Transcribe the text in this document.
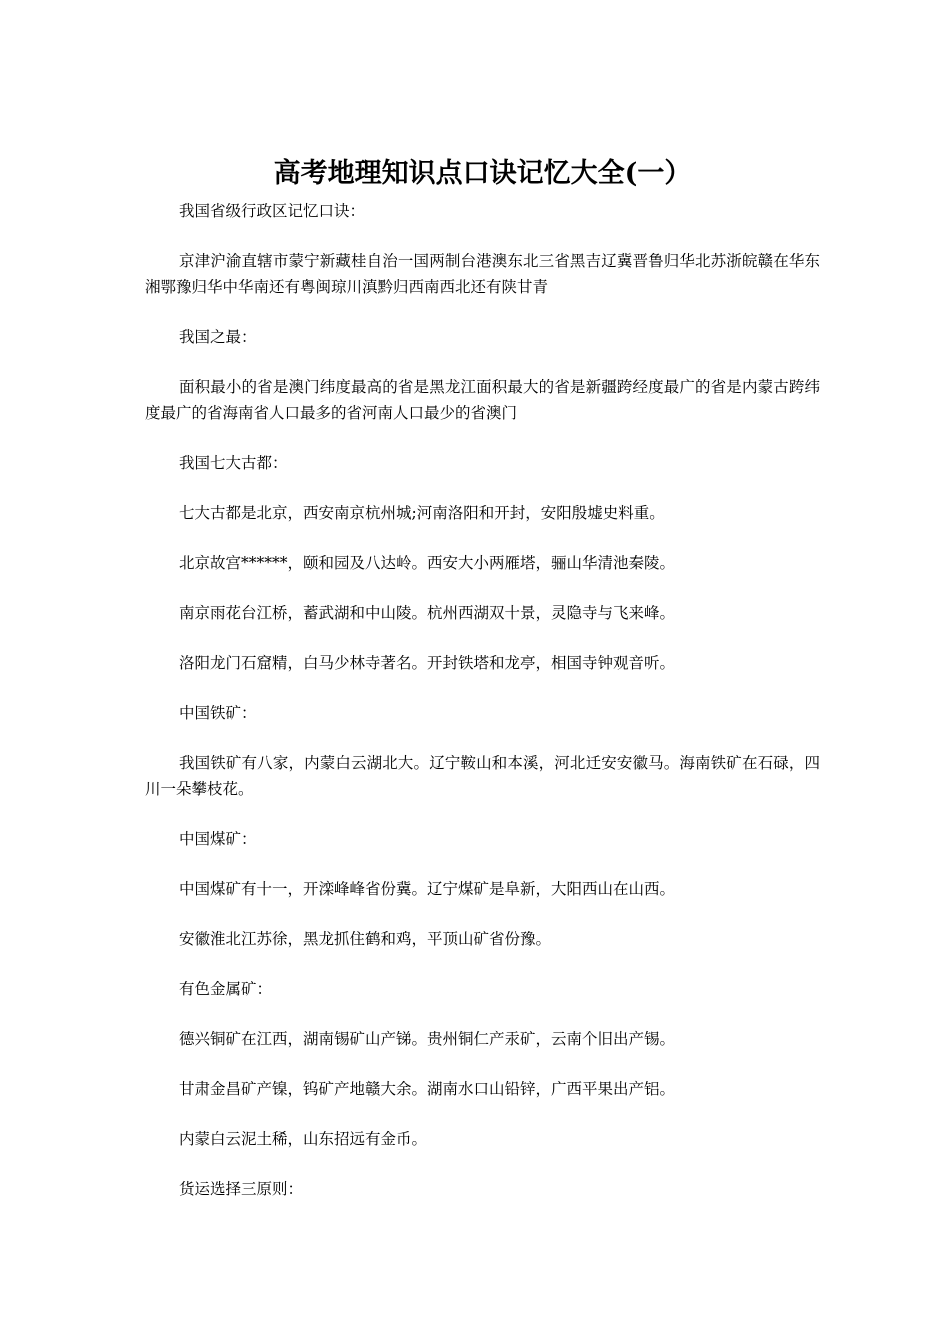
高考地理知识点口诀记忆大全(一）

我国省级行政区记忆口诀：

京津沪渝直辖市蒙宁新藏桂自治一国两制台港澳东北三省黑吉辽冀晋鲁归华北苏浙皖赣在华东湘鄂豫归华中华南还有粤闽琼川滇黔归西南西北还有陕甘青

我国之最：

面积最小的省是澳门纬度最高的省是黑龙江面积最大的省是新疆跨经度最广的省是内蒙古跨纬度最广的省海南省人口最多的省河南人口最少的省澳门

我国七大古都：

七大古都是北京，西安南京杭州城;河南洛阳和开封，安阳殷墟史料重。

北京故宫******，颐和园及八达岭。西安大小两雁塔，骊山华清池秦陵。

南京雨花台江桥，蓄武湖和中山陵。杭州西湖双十景，灵隐寺与飞来峰。

洛阳龙门石窟精，白马少林寺著名。开封铁塔和龙亭，相国寺钟观音听。

中国铁矿：

我国铁矿有八家，内蒙白云湖北大。辽宁鞍山和本溪，河北迁安安徽马。海南铁矿在石碌，四川一朵攀枝花。

中国煤矿：

中国煤矿有十一，开滦峰峰省份冀。辽宁煤矿是阜新，大阳西山在山西。

安徽淮北江苏徐，黑龙抓住鹤和鸡，平顶山矿省份豫。

有色金属矿：

德兴铜矿在江西，湖南锡矿山产锑。贵州铜仁产汞矿，云南个旧出产锡。

甘肃金昌矿产镍，钨矿产地赣大余。湖南水口山铅锌，广西平果出产铝。

内蒙白云泥土稀，山东招远有金币。

货运选择三原则：
